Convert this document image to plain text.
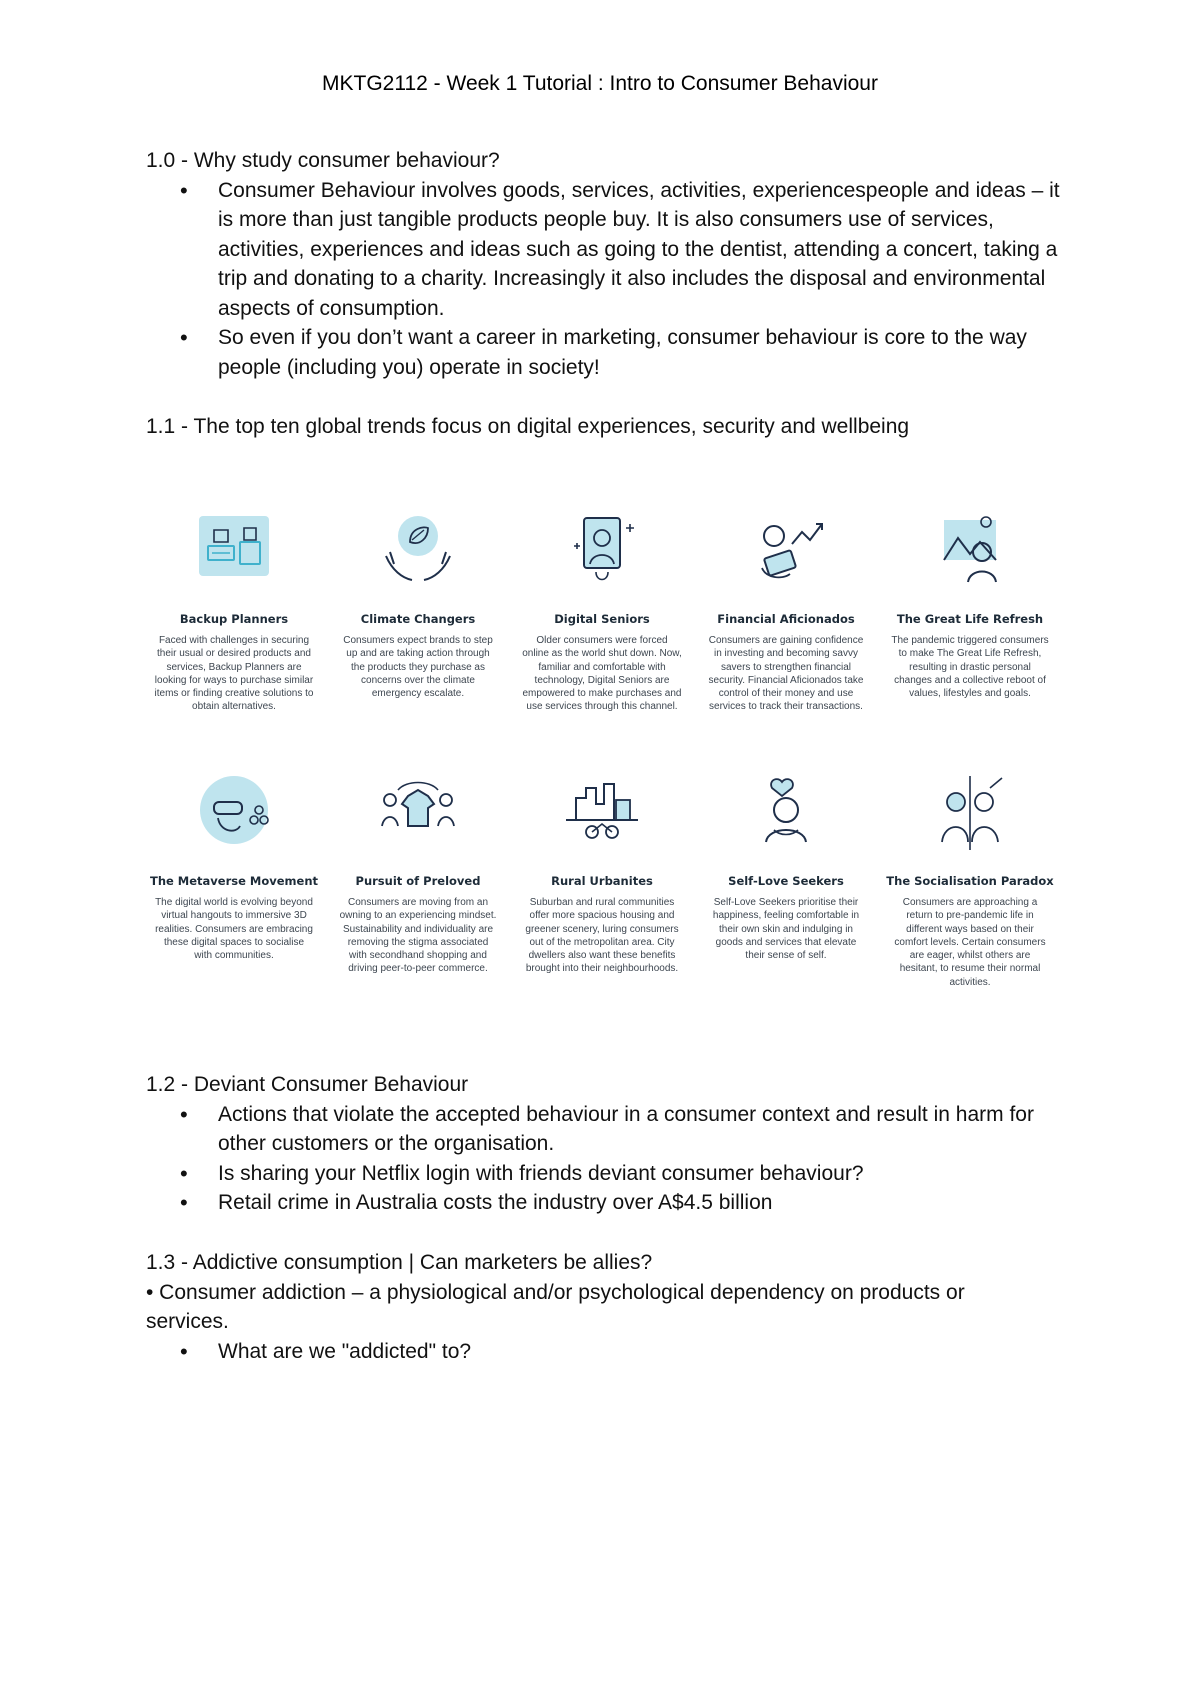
MKTG2112 - Week 1 Tutorial : Intro to Consumer Behaviour

1.0 - Why study consumer behaviour?

• Consumer Behaviour involves goods, services, activities, experiencespeople and ideas – it is more than just tangible products people buy. It is also consumers use of services, activities, experiences and ideas such as going to the dentist, attending a concert, taking a trip and donating to a charity. Increasingly it also includes the disposal and environmental aspects of consumption.
• So even if you don’t want a career in marketing, consumer behaviour is core to the way people (including you) operate in society!

1.1 - The top ten global trends focus on digital experiences, security and wellbeing

Backup Planners
Faced with challenges in securing their usual or desired products and services, Backup Planners are looking for ways to purchase similar items or finding creative solutions to obtain alternatives.
Climate Changers
Consumers expect brands to step up and are taking action through the products they purchase as concerns over the climate emergency escalate.
Digital Seniors
Older consumers were forced online as the world shut down. Now, familiar and comfortable with technology, Digital Seniors are empowered to make purchases and use services through this channel.
Financial Aficionados
Consumers are gaining confidence in investing and becoming savvy savers to strengthen financial security. Financial Aficionados take control of their money and use services to track their transactions.
The Great Life Refresh
The pandemic triggered consumers to make The Great Life Refresh, resulting in drastic personal changes and a collective reboot of values, lifestyles and goals.
The Metaverse Movement
The digital world is evolving beyond virtual hangouts to immersive 3D realities. Consumers are embracing these digital spaces to socialise with communities.
Pursuit of Preloved
Consumers are moving from an owning to an experiencing mindset. Sustainability and individuality are removing the stigma associated with secondhand shopping and driving peer-to-peer commerce.
Rural Urbanites
Suburban and rural communities offer more spacious housing and greener scenery, luring consumers out of the metropolitan area. City dwellers also want these benefits brought into their neighbourhoods.
Self-Love Seekers
Self-Love Seekers prioritise their happiness, feeling comfortable in their own skin and indulging in goods and services that elevate their sense of self.
The Socialisation Paradox
Consumers are approaching a return to pre-pandemic life in different ways based on their comfort levels. Certain consumers are eager, whilst others are hesitant, to resume their normal activities.

1.2 - Deviant Consumer Behaviour

• Actions that violate the accepted behaviour in a consumer context and result in harm for other customers or the organisation.
• Is sharing your Netflix login with friends deviant consumer behaviour?
• Retail crime in Australia costs the industry over A$4.5 billion

1.3 - Addictive consumption | Can marketers be allies?

• Consumer addiction – a physiological and/or psychological dependency on products or services.

• What are we "addicted" to?
